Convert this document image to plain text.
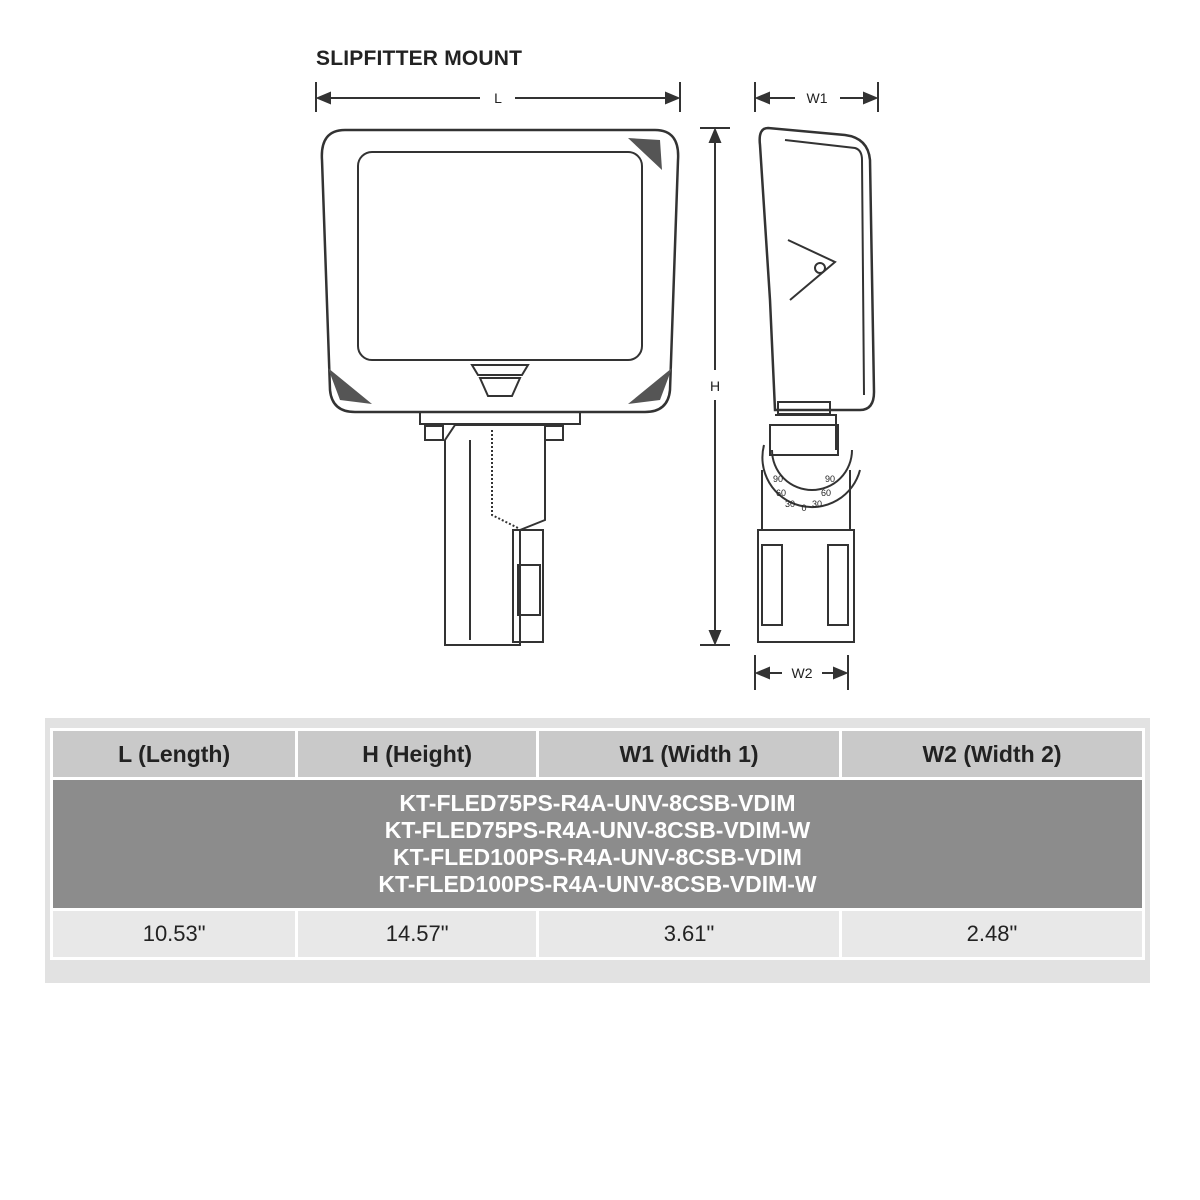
SLIPFITTER MOUNT
L	W1
H
W2
90
60
30 0 30
60
90
L (Length)	H (Height)	W1 (Width 1)	W2 (Width 2)

KT-FLED75PS-R4A-UNV-8CSB-VDIM
KT-FLED75PS-R4A-UNV-8CSB-VDIM-W
KT-FLED100PS-R4A-UNV-8CSB-VDIM
KT-FLED100PS-R4A-UNV-8CSB-VDIM-W			

10.53"	14.57"	3.61"	2.48"
